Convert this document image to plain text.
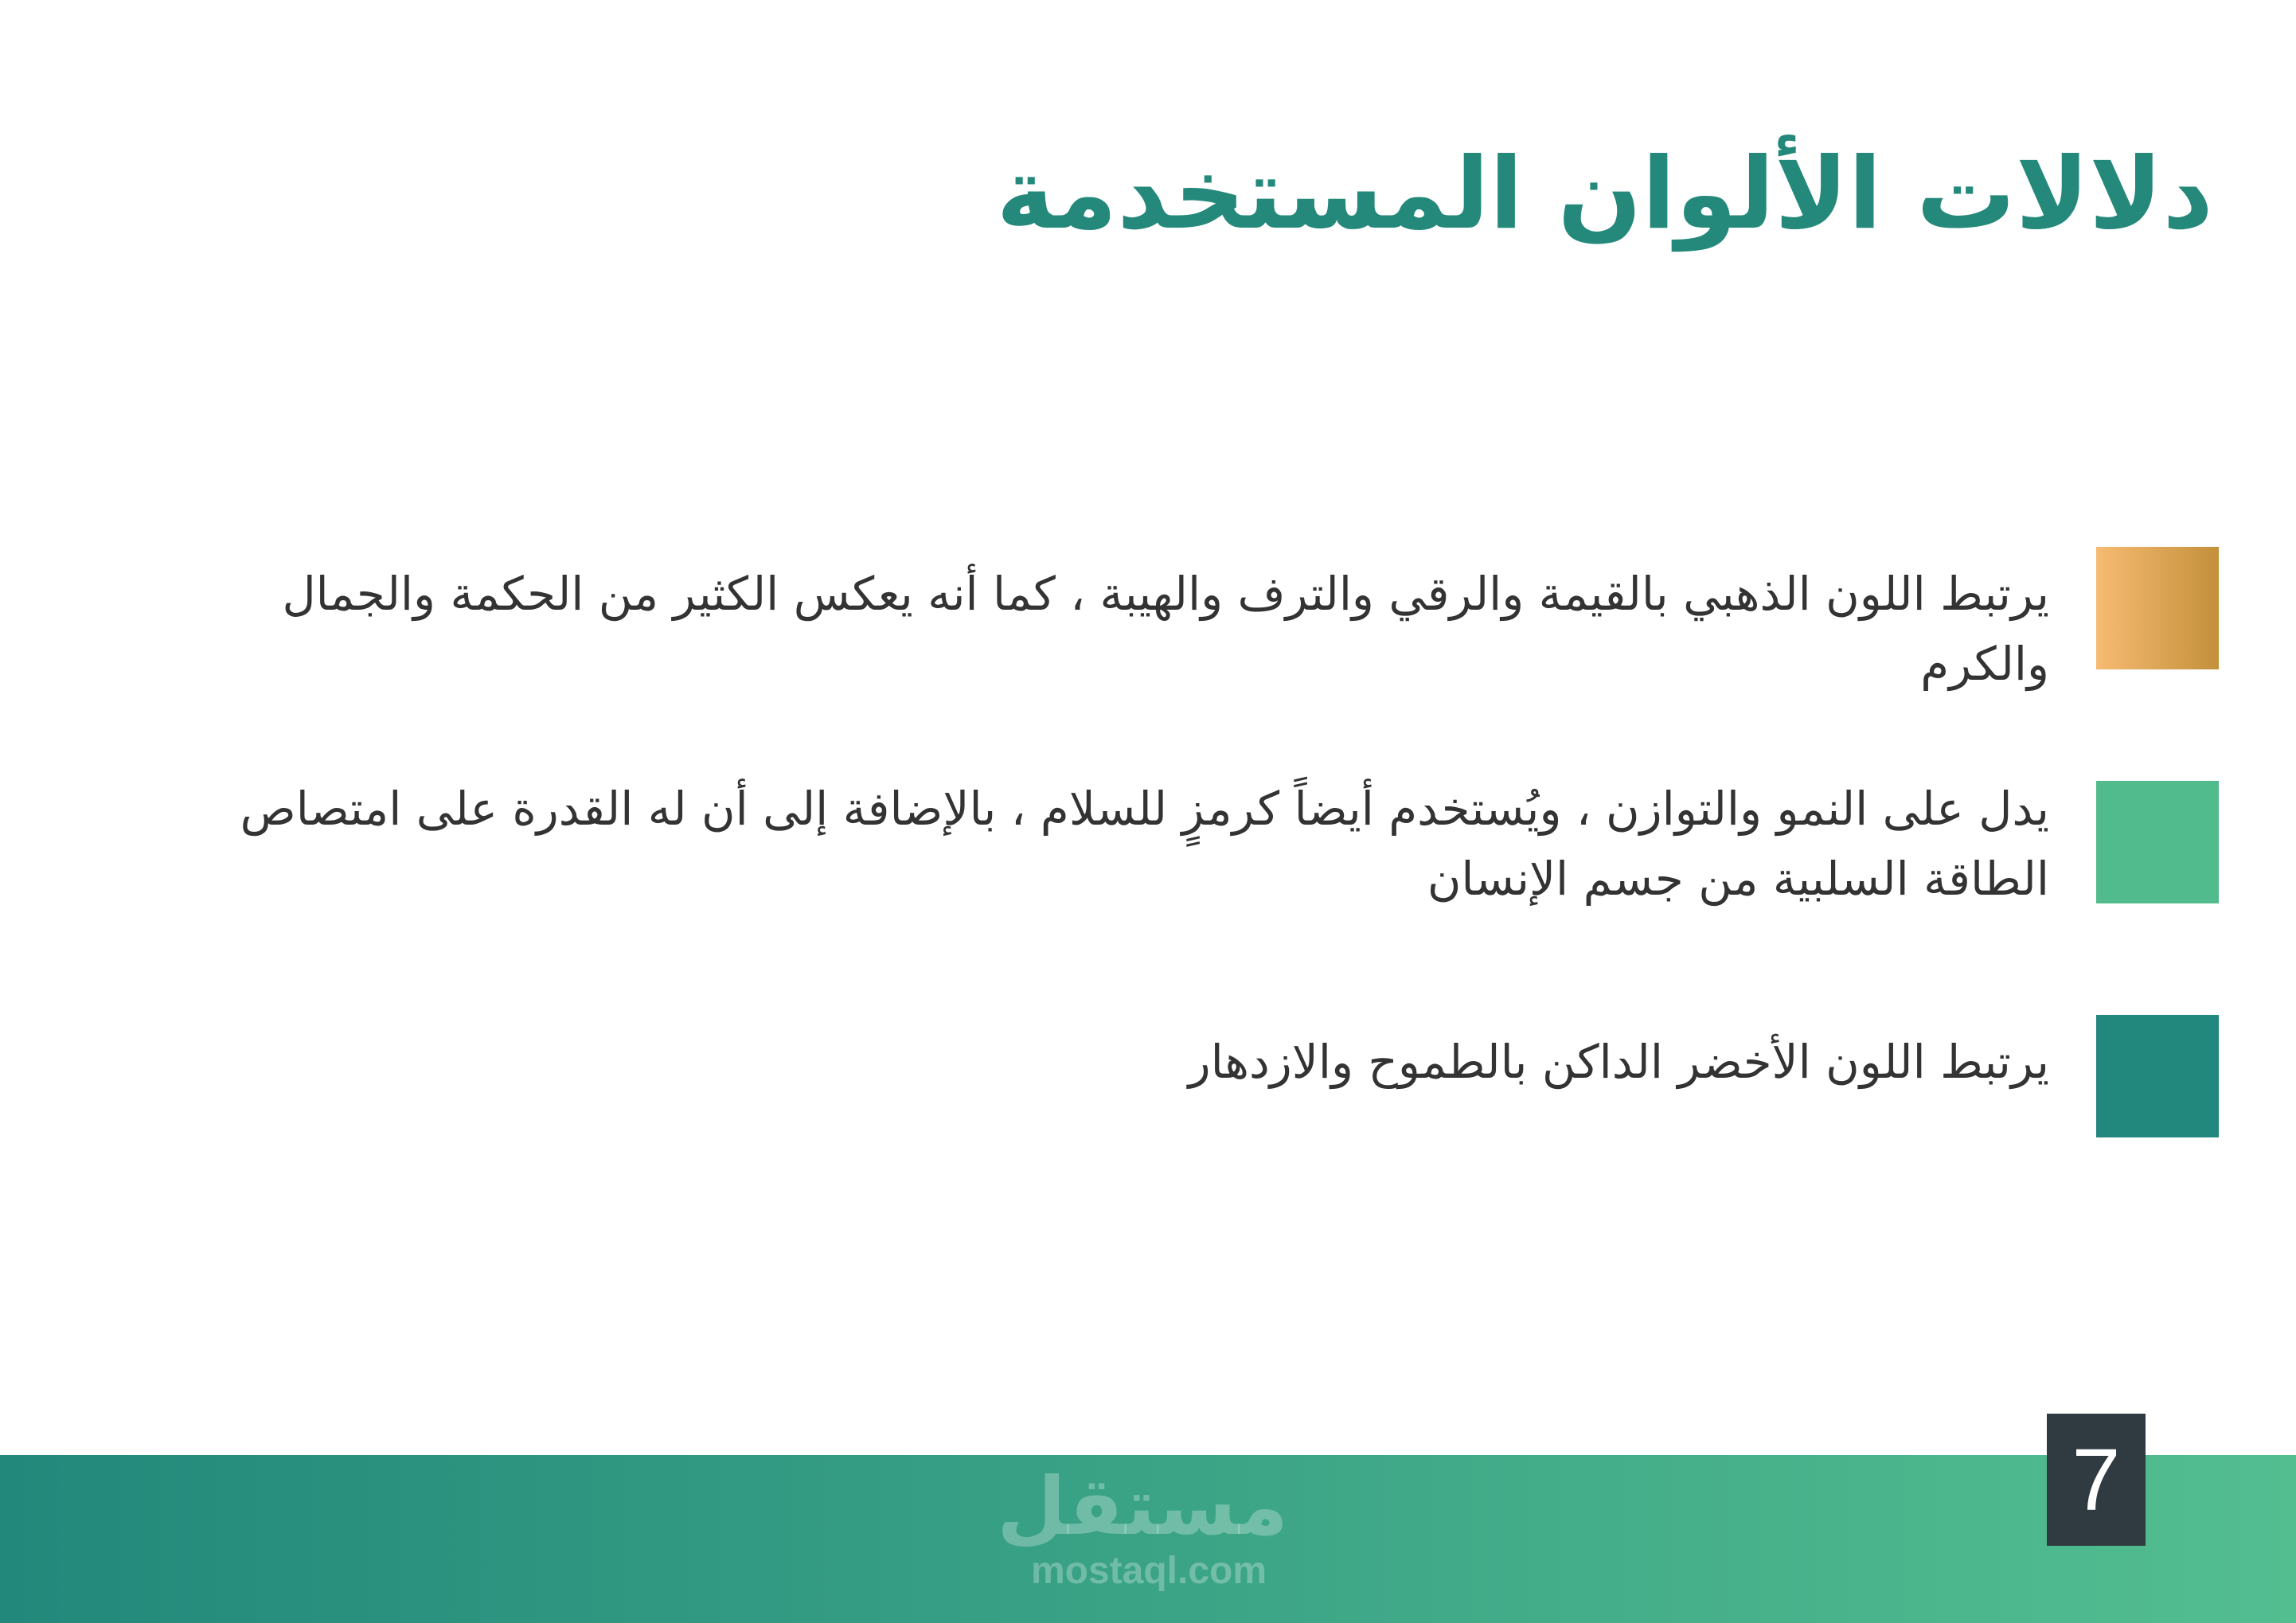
دلالات الألوان المستخدمة

يرتبط اللون الذهبي بالقيمة والرقي والترف والهيبة ، كما أنه يعكس الكثير من الحكمة والجمال والكرم

يدل على النمو والتوازن ، ويُستخدم أيضاً كرمزٍ للسلام ، بالإضافة إلى أن له القدرة على امتصاص الطاقة السلبية من جسم الإنسان

يرتبط اللون الأخضر الداكن بالطموح والازدهار

مستقل
mostaql.com
7
